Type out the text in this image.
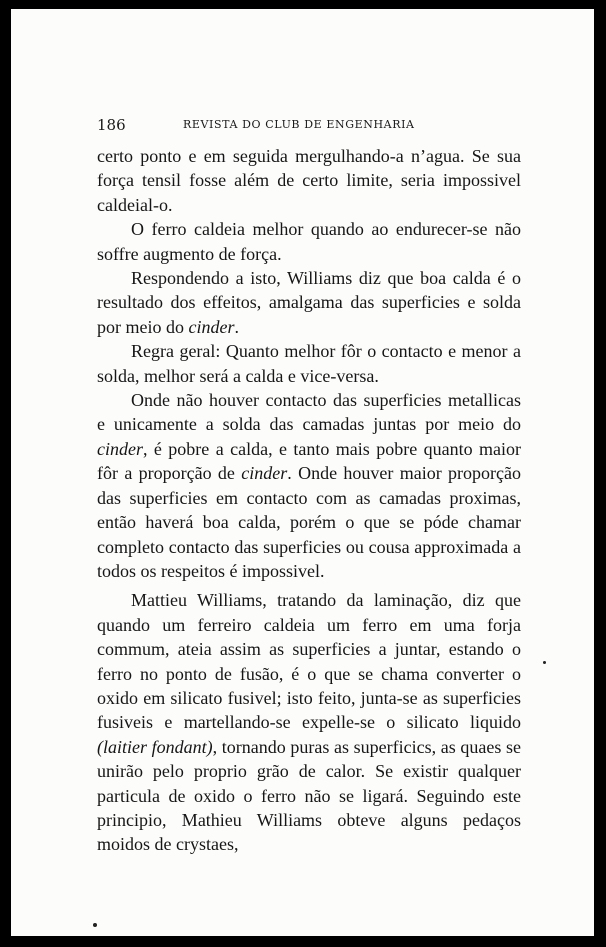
186	REVISTA DO CLUB DE ENGENHARIA

certo ponto e em seguida mergulhando-a n’agua. Se sua força tensil fosse além de certo limite, seria impossivel caldeial-o.

O ferro caldeia melhor quando ao endurecer-se não soffre augmento de força.

Respondendo a isto, Williams diz que boa calda é o resultado dos effeitos, amalgama das superficies e solda por meio do cinder.

Regra geral: Quanto melhor fôr o contacto e menor a solda, melhor será a calda e vice-versa.

Onde não houver contacto das superficies metallicas e unicamente a solda das camadas juntas por meio do cinder, é pobre a calda, e tanto mais pobre quanto maior fôr a proporção de cinder. Onde houver maior proporção das superficies em contacto com as camadas proximas, então haverá boa calda, porém o que se póde chamar completo contacto das superficies ou cousa approximada a todos os respeitos é impossivel.

Mattieu Williams, tratando da laminação, diz que quando um ferreiro caldeia um ferro em uma forja commum, ateia assim as superficies a juntar, estando o ferro no ponto de fusão, é o que se chama converter o oxido em silicato fusivel; isto feito, junta-se as superficies fusiveis e martellando-se expelle-se o silicato liquido (laitier fondant), tornando puras as superficics, as quaes se unirão pelo proprio grão de calor. Se existir qualquer particula de oxido o ferro não se ligará. Seguindo este principio, Mathieu Williams obteve alguns pedaços moidos de crystaes,
